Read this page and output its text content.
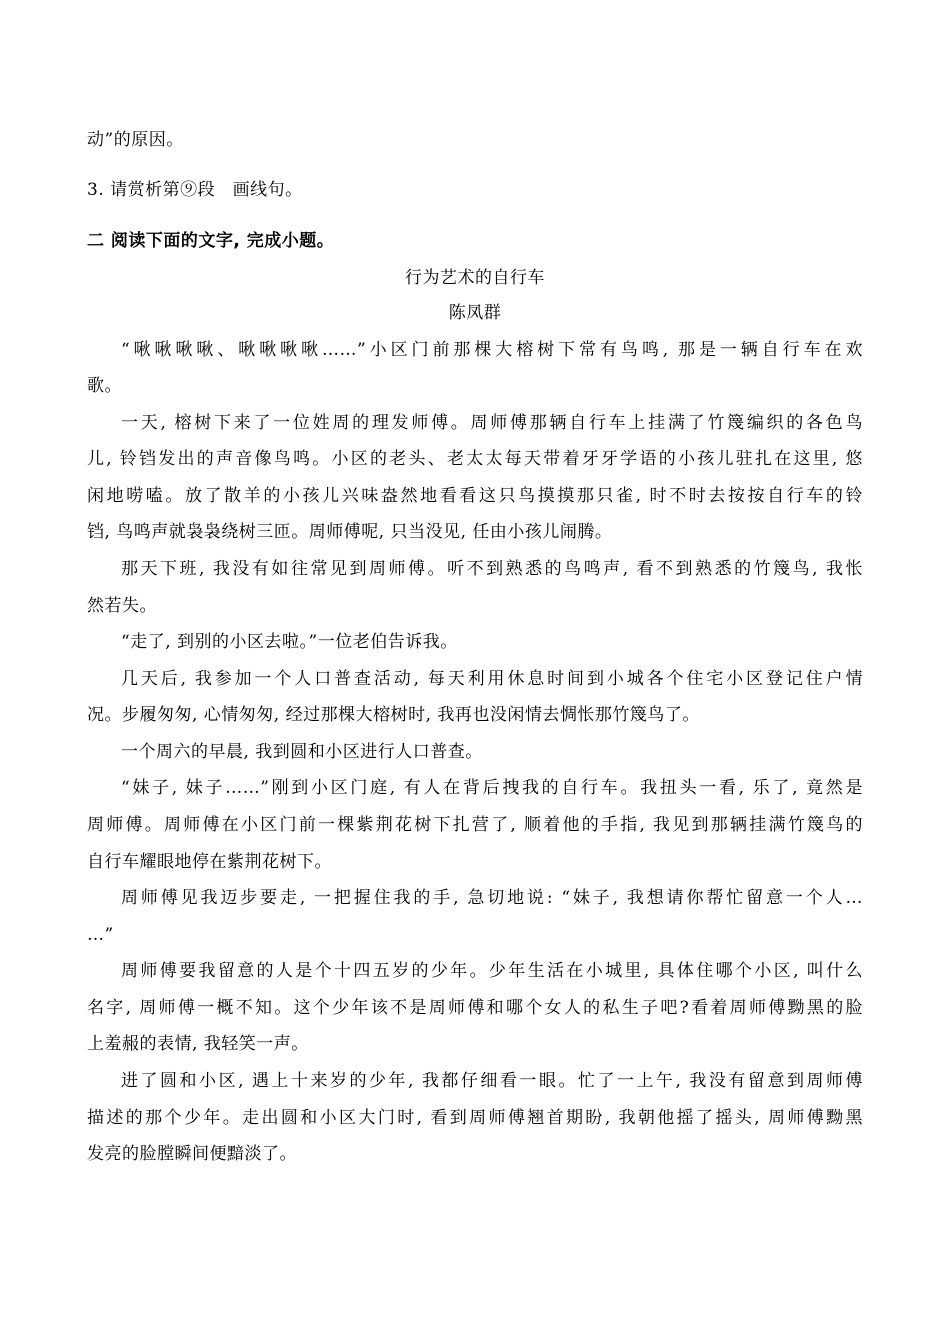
动”的原因。
3. 请赏析第⑨段　画线句。
二 阅读下面的文字, 完成小题。
行为艺术的自行车
陈凤群
“啾啾啾啾、啾啾啾啾……”小区门前那棵大榕树下常有鸟鸣, 那是一辆自行车在欢
歌。
一天, 榕树下来了一位姓周的理发师傅。周师傅那辆自行车上挂满了竹篾编织的各色鸟
儿, 铃铛发出的声音像鸟鸣。小区的老头、老太太每天带着牙牙学语的小孩儿驻扎在这里, 悠
闲地唠嗑。放了散羊的小孩儿兴味盎然地看看这只鸟摸摸那只雀, 时不时去按按自行车的铃
铛, 鸟鸣声就袅袅绕树三匝。周师傅呢, 只当没见, 任由小孩儿闹腾。
那天下班, 我没有如往常见到周师傅。听不到熟悉的鸟鸣声, 看不到熟悉的竹篾鸟, 我怅
然若失。
“走了, 到别的小区去啦。”一位老伯告诉我。
几天后, 我参加一个人口普查活动, 每天利用休息时间到小城各个住宅小区登记住户情
况。步履匆匆, 心情匆匆, 经过那棵大榕树时, 我再也没闲情去惆怅那竹篾鸟了。
一个周六的早晨, 我到圆和小区进行人口普查。
“妹子, 妹子……”刚到小区门庭, 有人在背后拽我的自行车。我扭头一看, 乐了, 竟然是
周师傅。周师傅在小区门前一棵紫荆花树下扎营了, 顺着他的手指, 我见到那辆挂满竹篾鸟的
自行车耀眼地停在紫荆花树下。
周师傅见我迈步要走, 一把握住我的手, 急切地说: “妹子, 我想请你帮忙留意一个人…
…”
周师傅要我留意的人是个十四五岁的少年。少年生活在小城里, 具体住哪个小区, 叫什么
名字, 周师傅一概不知。这个少年该不是周师傅和哪个女人的私生子吧?看着周师傅黝黑的脸
上羞赧的表情, 我轻笑一声。
进了圆和小区, 遇上十来岁的少年, 我都仔细看一眼。忙了一上午, 我没有留意到周师傅
描述的那个少年。走出圆和小区大门时, 看到周师傅翘首期盼, 我朝他摇了摇头, 周师傅黝黑
发亮的脸膛瞬间便黯淡了。
